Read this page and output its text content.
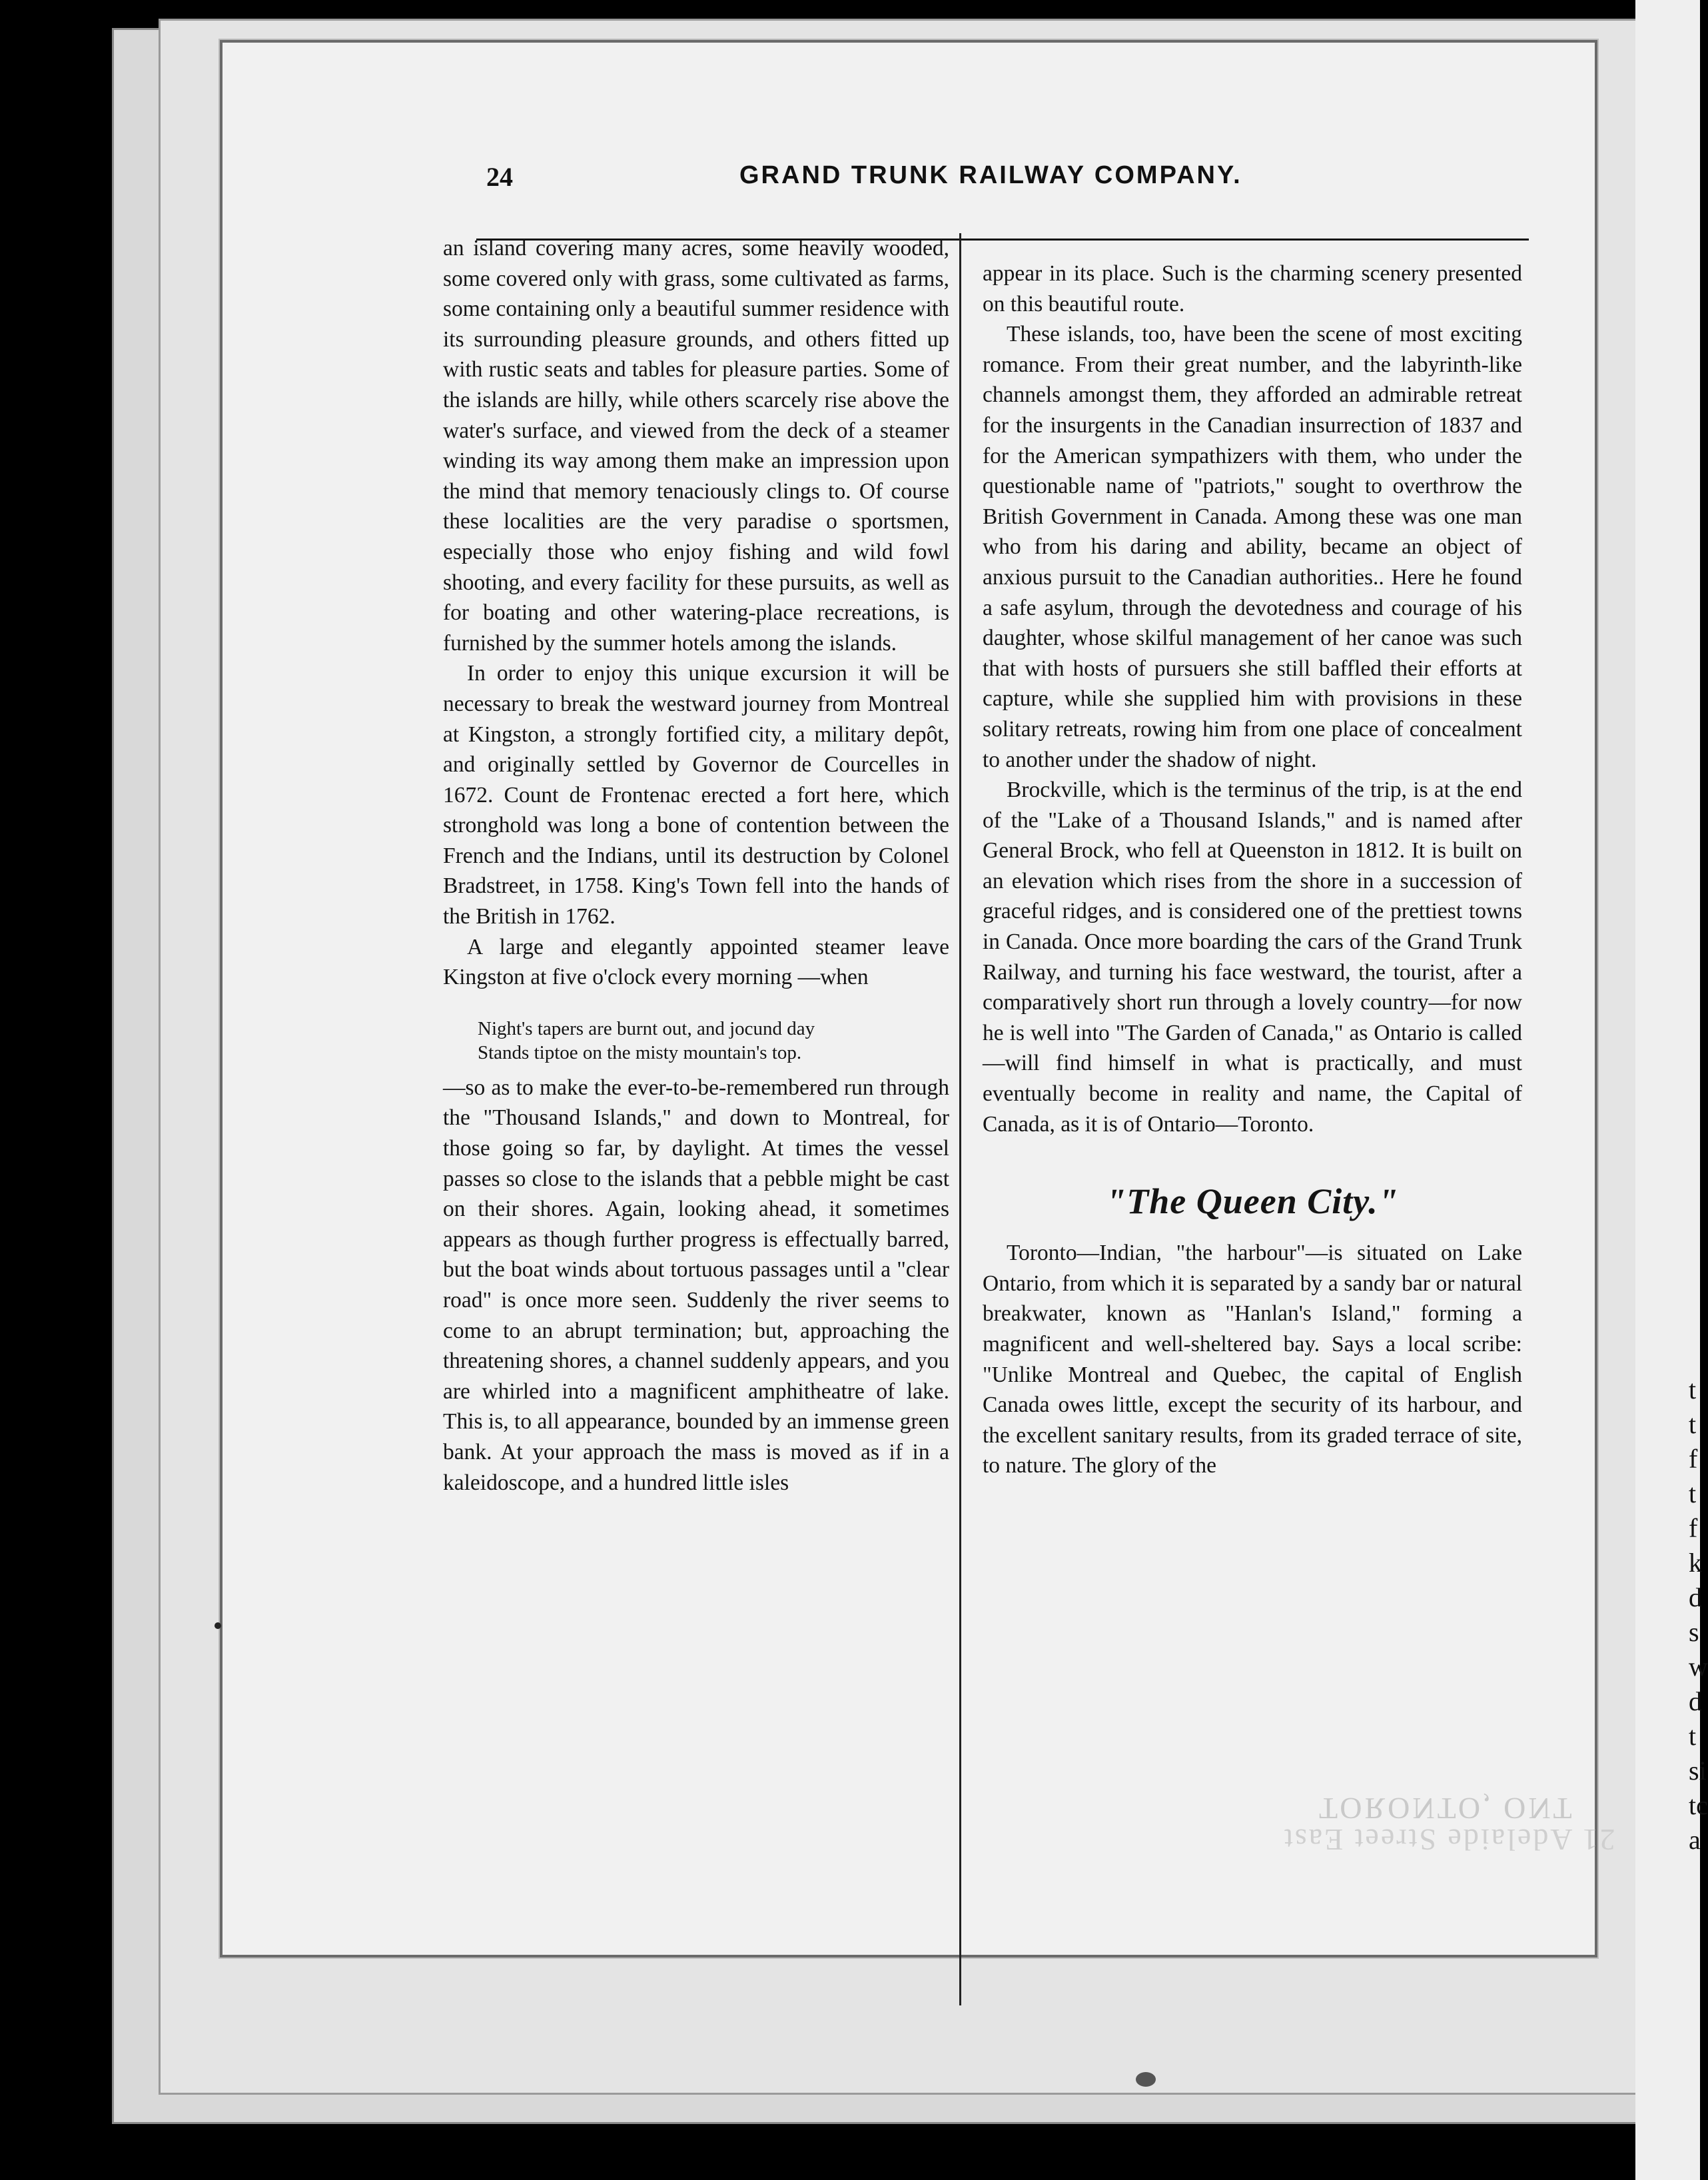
t
t
f
t
f
k
d
s
w
d
t
si
tc
a
TORONTO, ONT
21 Adelaide Street East
24	GRAND TRUNK RAILWAY COMPANY.

an island covering many acres, some heavily wooded, some covered only with grass, some cultivated as farms, some containing only a beautiful summer residence with its surrounding pleasure grounds, and others fitted up with rustic seats and tables for pleasure parties. Some of the islands are hilly, while others scarcely rise above the water's surface, and viewed from the deck of a steamer winding its way among them make an impression upon the mind that memory tenaciously clings to. Of course these localities are the very paradise o sportsmen, especially those who enjoy fishing and wild fowl shooting, and every facility for these pursuits, as well as for boating and other watering-place recreations, is furnished by the summer hotels among the islands.

In order to enjoy this unique excursion it will be necessary to break the westward journey from Montreal at Kingston, a strongly fortified city, a military depôt, and originally settled by Governor de Courcelles in 1672. Count de Frontenac erected a fort here, which stronghold was long a bone of contention between the French and the Indians, until its destruction by Colonel Bradstreet, in 1758. King's Town fell into the hands of the British in 1762.

A large and elegantly appointed steamer leave Kingston at five o'clock every morning —when

Night's tapers are burnt out, and jocund day
Stands tiptoe on the misty mountain's top.

—so as to make the ever-to-be-remembered run through the "Thousand Islands," and down to Montreal, for those going so far, by daylight. At times the vessel passes so close to the islands that a pebble might be cast on their shores. Again, looking ahead, it sometimes appears as though further progress is effectually barred, but the boat winds about tortuous passages until a "clear road" is once more seen. Suddenly the river seems to come to an abrupt termination; but, approaching the threatening shores, a channel suddenly appears, and you are whirled into a magnificent amphitheatre of lake. This is, to all appearance, bounded by an immense green bank. At your approach the mass is moved as if in a kaleidoscope, and a hundred little isles

appear in its place. Such is the charming scenery presented on this beautiful route.

These islands, too, have been the scene of most exciting romance. From their great number, and the labyrinth-like channels amongst them, they afforded an admirable retreat for the insurgents in the Canadian insurrection of 1837 and for the American sympathizers with them, who under the questionable name of "patriots," sought to overthrow the British Government in Canada. Among these was one man who from his daring and ability, became an object of anxious pursuit to the Canadian authorities.. Here he found a safe asylum, through the devotedness and courage of his daughter, whose skilful management of her canoe was such that with hosts of pursuers she still baffled their efforts at capture, while she supplied him with provisions in these solitary retreats, rowing him from one place of concealment to another under the shadow of night.

Brockville, which is the terminus of the trip, is at the end of the "Lake of a Thousand Islands," and is named after General Brock, who fell at Queenston in 1812. It is built on an elevation which rises from the shore in a succession of graceful ridges, and is considered one of the prettiest towns in Canada. Once more boarding the cars of the Grand Trunk Railway, and turning his face westward, the tourist, after a comparatively short run through a lovely country—for now he is well into "The Garden of Canada," as Ontario is called—will find himself in what is practically, and must eventually become in reality and name, the Capital of Canada, as it is of Ontario—Toronto.

"The Queen City."

Toronto—Indian, "the harbour"—is situated on Lake Ontario, from which it is separated by a sandy bar or natural breakwater, known as "Hanlan's Island," forming a magnificent and well-sheltered bay. Says a local scribe: "Unlike Montreal and Quebec, the capital of English Canada owes little, except the security of its harbour, and the excellent sanitary results, from its graded terrace of site, to nature. The glory of the
